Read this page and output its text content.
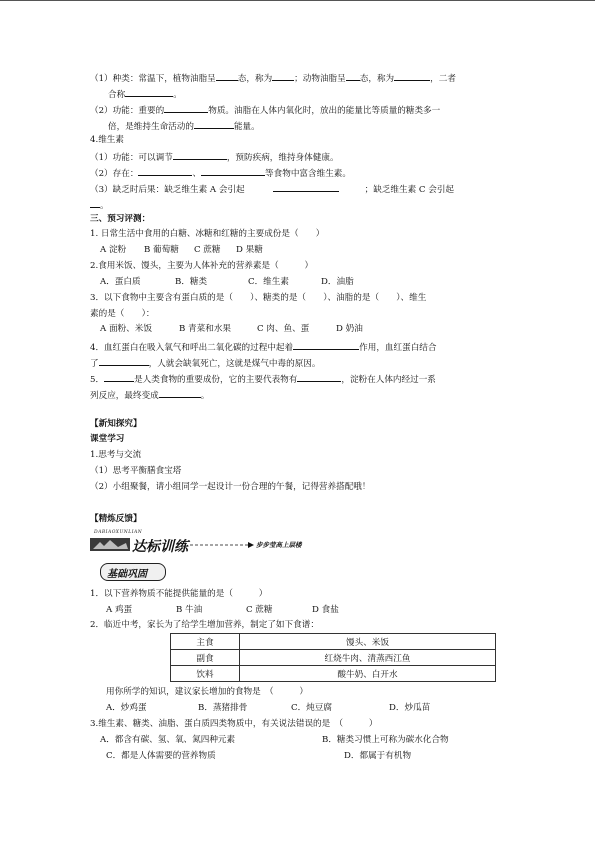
（1）种类：常温下，植物油脂呈	态，称为	；动物油脂呈 态，称为	，二者
合称	。
（2）功能：重要的	物质。油脂在人体内氧化时，放出的能量比等质量的糖类多一
倍，是维持生命活动的	能量。
4.维生素
（1）功能：可以调节	，预防疾病，维持身体健康。
（2）存在：	、	等食物中富含维生素。
（3）缺乏时后果：缺乏维生素 A 会引起	；缺乏维生素 C 会引起
。
三、预习评测：
1. 日常生活中食用的白糖、冰糖和红糖的主要成份是（　　）
A 淀粉 B 葡萄糖 C 蔗糖 D 果糖
2.食用米饭、馒头，主要为人体补充的营养素是（　　　）
A．蛋白质	B．糖类	C．维生素	D．油脂
3．以下食物中主要含有蛋白质的是（　　）、糖类的是（　　）、油脂的是（　　）、维生
素的是（　　）：
A 面粉、米饭	B 青菜和水果	C 肉、鱼、蛋	D 奶油
4．血红蛋白在吸入氧气和呼出二氧化碳的过程中起着	作用，血红蛋白结合
了	，人就会缺氧死亡，这就是煤气中毒的原因。
5．	是人类食物的重要成份，它的主要代表物有	，淀粉在人体内经过一系
列反应，最终变成	。
【新知探究】
课堂学习
1.思考与交流
（1）思考平衡膳食宝塔
（2）小组聚餐，请小组同学一起设计一份合理的午餐，记得营养搭配哦！
【精炼反馈】
DABIAOXUNLIAN
达标训练	步步莹高上层楼
基础巩固
1．以下营养物质不能提供能量的是（　　　）
A 鸡蛋	B 牛油	C 蔗糖	D 食盐
2．临近中考，家长为了给学生增加营养，制定了如下食谱：
主食	馒头、米饭
副食	红烧牛肉、清蒸西江鱼
饮料	酸牛奶、白开水
用你所学的知识，建议家长增加的食物是　（　　　）
A．炒鸡蛋	B．蒸猪排骨	C．炖豆腐	D．炒瓜苗
3.维生素、糖类、油脂、蛋白质四类物质中，有关说法错误的是　（　　　）
A．都含有碳、氢、氧、氮四种元素	B．糖类习惯上可称为碳水化合物
C．都是人体需要的营养物质	D．都属于有机物
